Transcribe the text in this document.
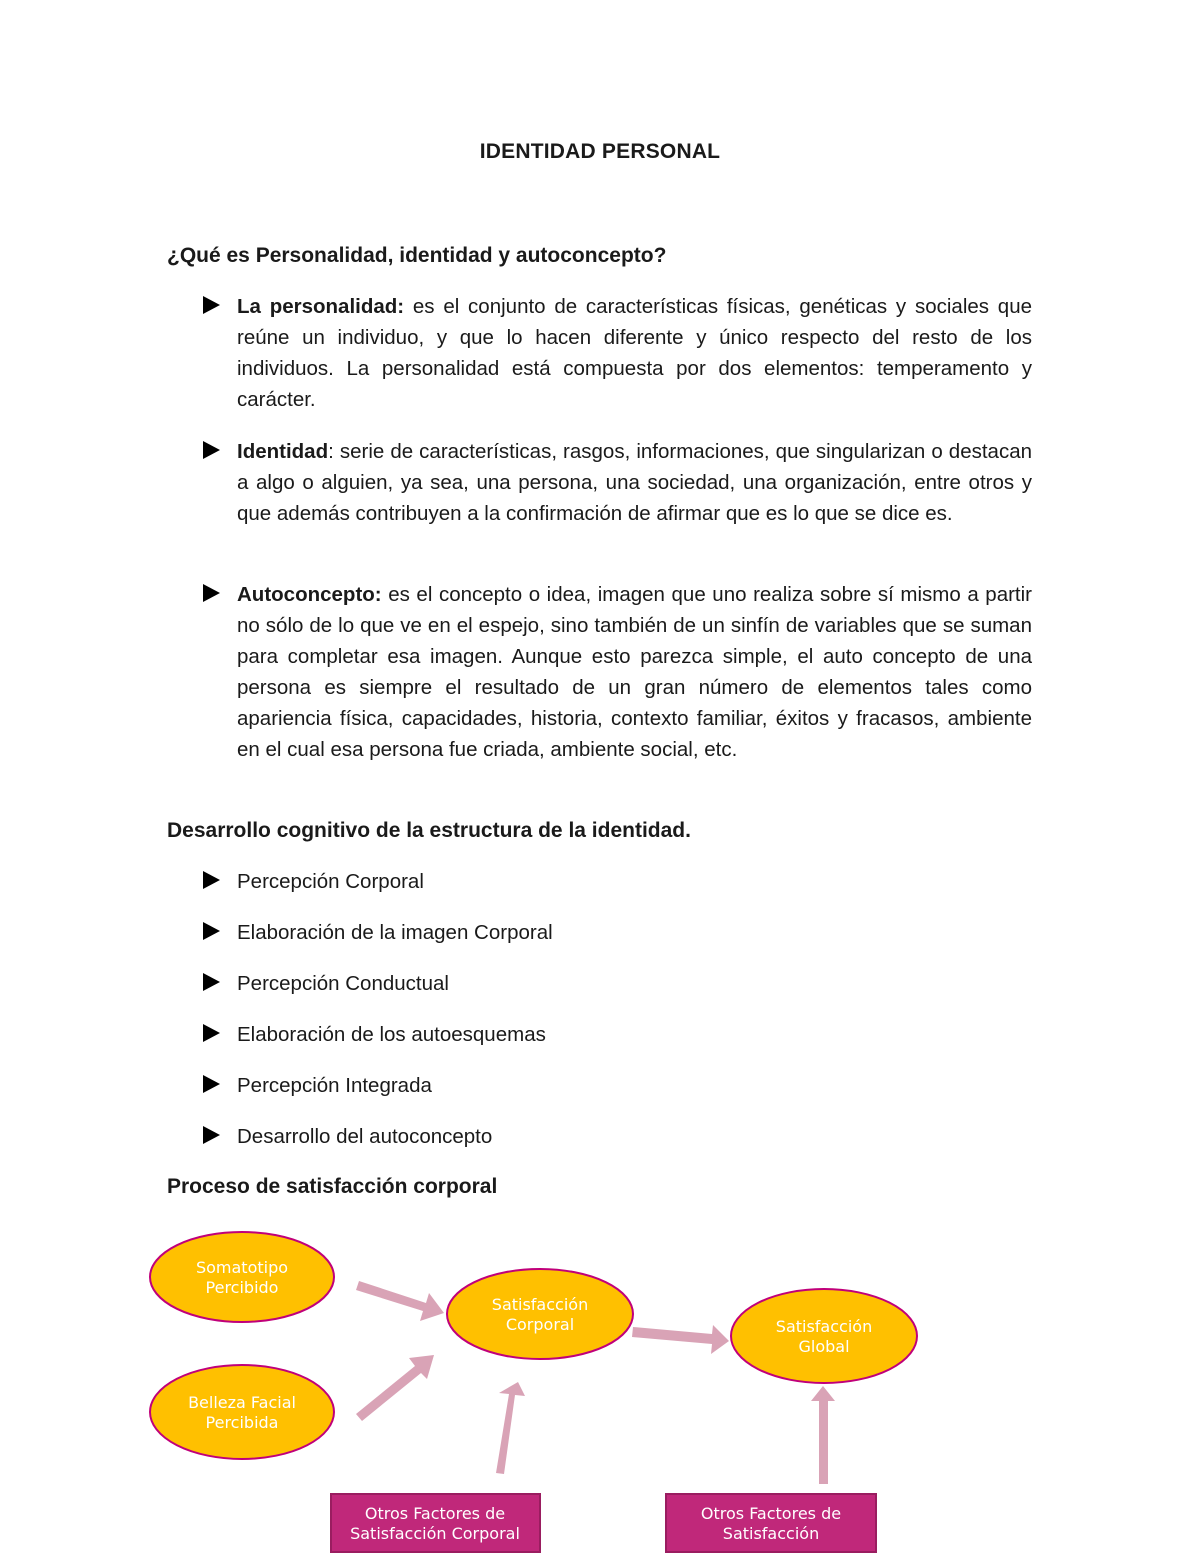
IDENTIDAD PERSONAL
¿Qué es Personalidad, identidad y autoconcepto?
La personalidad: es el conjunto de características físicas, genéticas y sociales que reúne un individuo, y que lo hacen diferente y único respecto del resto de los individuos. La personalidad está compuesta por dos elementos: temperamento y carácter.
Identidad: serie de características, rasgos, informaciones, que singularizan o destacan a algo o alguien, ya sea, una persona, una sociedad, una organización, entre otros y que además contribuyen a la confirmación de afirmar que es lo que se dice es.
Autoconcepto: es el concepto o idea, imagen que uno realiza sobre sí mismo a partir no sólo de lo que ve en el espejo, sino también de un sinfín de variables que se suman para completar esa imagen. Aunque esto parezca simple, el auto concepto de una persona es siempre el resultado de un gran número de elementos tales como apariencia física, capacidades, historia, contexto familiar, éxitos y fracasos, ambiente en el cual esa persona fue criada, ambiente social, etc.
Desarrollo cognitivo de la estructura de la identidad.
Percepción Corporal
Elaboración de la imagen Corporal
Percepción Conductual
Elaboración de los autoesquemas
Percepción Integrada
Desarrollo del autoconcepto
Proceso de satisfacción corporal
Somatotipo
Percibido
Belleza Facial
Percibida
Satisfacción
Corporal	Satisfacción
Global
Otros Factores de
Satisfacción Corporal
Otros Factores de
Satisfacción
